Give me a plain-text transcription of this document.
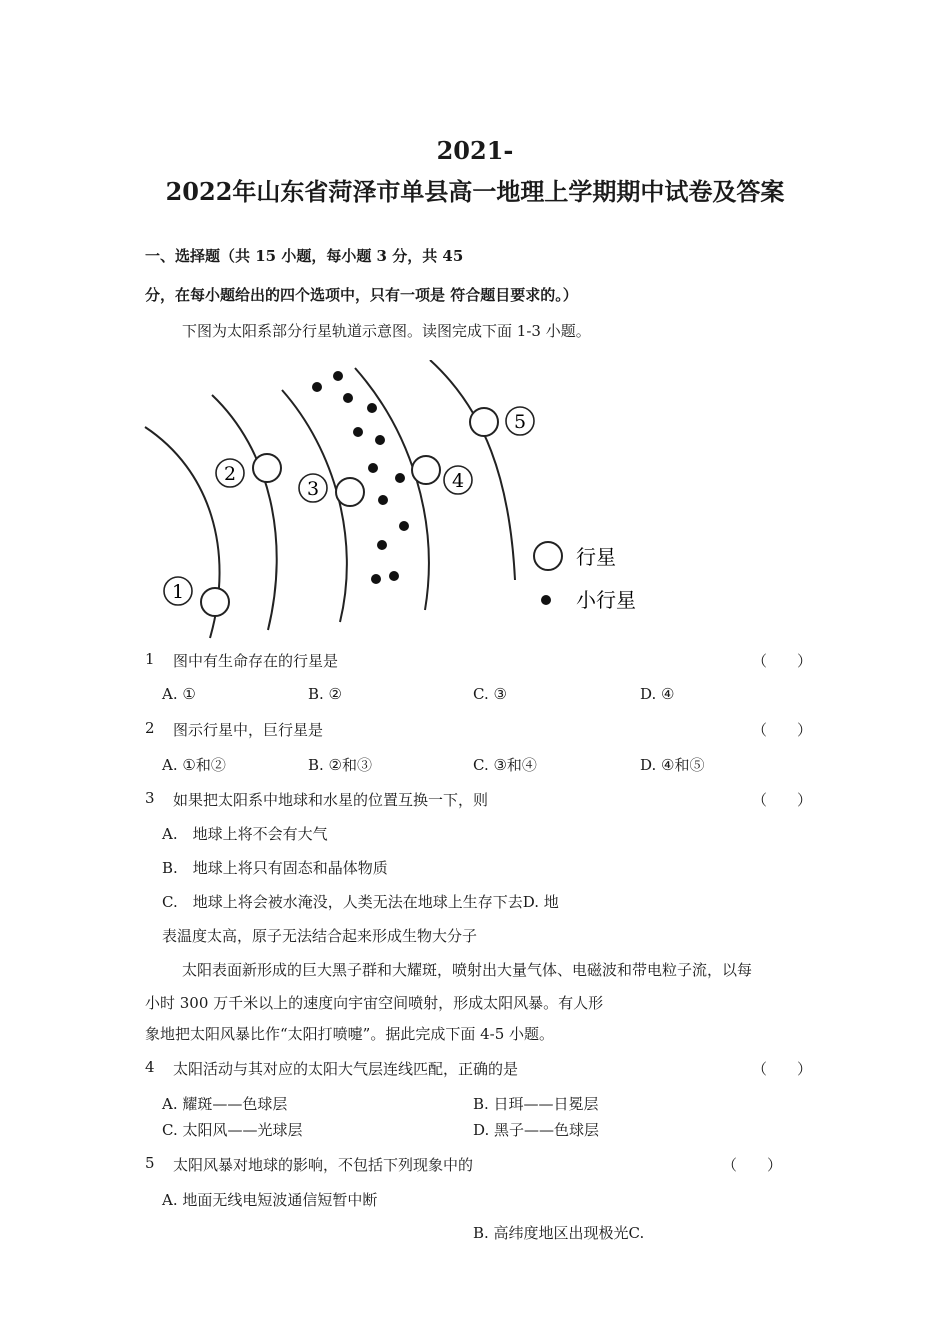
2021-
2022年山东省菏泽市单县高一地理上学期期中试卷及答案
一、选择题（共 15 小题，每小题 3 分，共 45
分，在每小题给出的四个选项中，只有一项是 符合题目要求的。）
下图为太阳系部分行星轨道示意图。读图完成下面 1-3 小题。
1
2
3	4
5
行星
小行星
1 图中有生命存在的行星是	（　　）
A. ①	B. ②	C. ③	D. ④
2 图示行星中，巨行星是	（　　）
A. ①和②	B. ②和③	C. ③和④	D. ④和⑤
3 如果把太阳系中地球和水星的位置互换一下，则	（　　）
A.　地球上将不会有大气
B.　地球上将只有固态和晶体物质
C.　地球上将会被水淹没，人类无法在地球上生存下去D. 地
表温度太高，原子无法结合起来形成生物大分子
太阳表面新形成的巨大黑子群和大耀斑，喷射出大量气体、电磁波和带电粒子流，以每
小时 300 万千米以上的速度向宇宙空间喷射，形成太阳风暴。有人形
象地把太阳风暴比作“太阳打喷嚏”。据此完成下面 4-5 小题。
4 太阳活动与其对应的太阳大气层连线匹配，正确的是	（　　）
A. 耀斑——色球层	B. 日珥——日冕层
C. 太阳风——光球层	D. 黑子——色球层
5 太阳风暴对地球的影响，不包括下列现象中的	（　　）
A. 地面无线电短波通信短暂中断
B. 高纬度地区出现极光C.
